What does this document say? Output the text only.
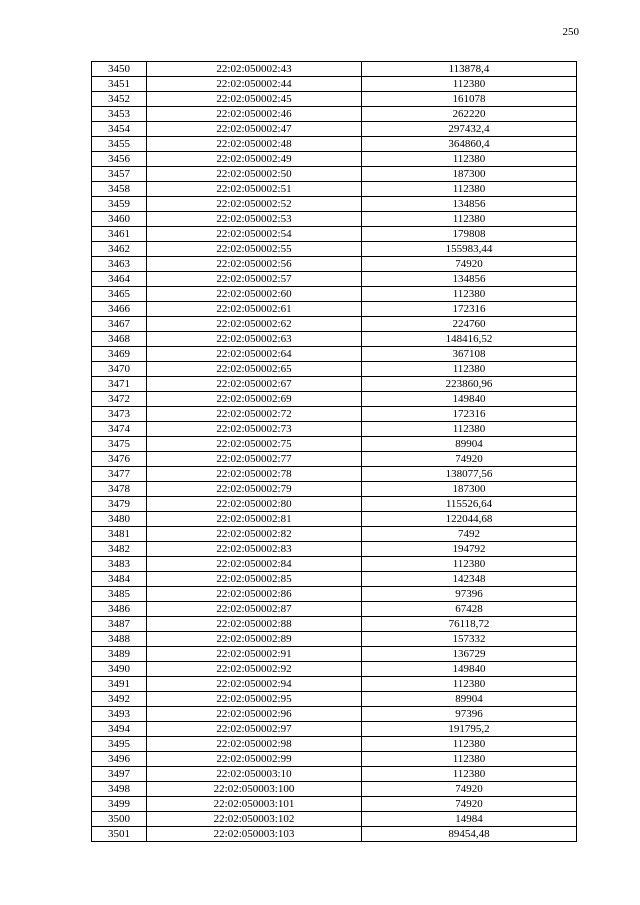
250
3450	22:02:050002:43	113878,4
3451	22:02:050002:44	112380
3452	22:02:050002:45	161078
3453	22:02:050002:46	262220
3454	22:02:050002:47	297432,4
3455	22:02:050002:48	364860,4
3456	22:02:050002:49	112380
3457	22:02:050002:50	187300
3458	22:02:050002:51	112380
3459	22:02:050002:52	134856
3460	22:02:050002:53	112380
3461	22:02:050002:54	179808
3462	22:02:050002:55	155983,44
3463	22:02:050002:56	74920
3464	22:02:050002:57	134856
3465	22:02:050002:60	112380
3466	22:02:050002:61	172316
3467	22:02:050002:62	224760
3468	22:02:050002:63	148416,52
3469	22:02:050002:64	367108
3470	22:02:050002:65	112380
3471	22:02:050002:67	223860,96
3472	22:02:050002:69	149840
3473	22:02:050002:72	172316
3474	22:02:050002:73	112380
3475	22:02:050002:75	89904
3476	22:02:050002:77	74920
3477	22:02:050002:78	138077,56
3478	22:02:050002:79	187300
3479	22:02:050002:80	115526,64
3480	22:02:050002:81	122044,68
3481	22:02:050002:82	7492
3482	22:02:050002:83	194792
3483	22:02:050002:84	112380
3484	22:02:050002:85	142348
3485	22:02:050002:86	97396
3486	22:02:050002:87	67428
3487	22:02:050002:88	76118,72
3488	22:02:050002:89	157332
3489	22:02:050002:91	136729
3490	22:02:050002:92	149840
3491	22:02:050002:94	112380
3492	22:02:050002:95	89904
3493	22:02:050002:96	97396
3494	22:02:050002:97	191795,2
3495	22:02:050002:98	112380
3496	22:02:050002:99	112380
3497	22:02:050003:10	112380
3498	22:02:050003:100	74920
3499	22:02:050003:101	74920
3500	22:02:050003:102	14984
3501	22:02:050003:103	89454,48
